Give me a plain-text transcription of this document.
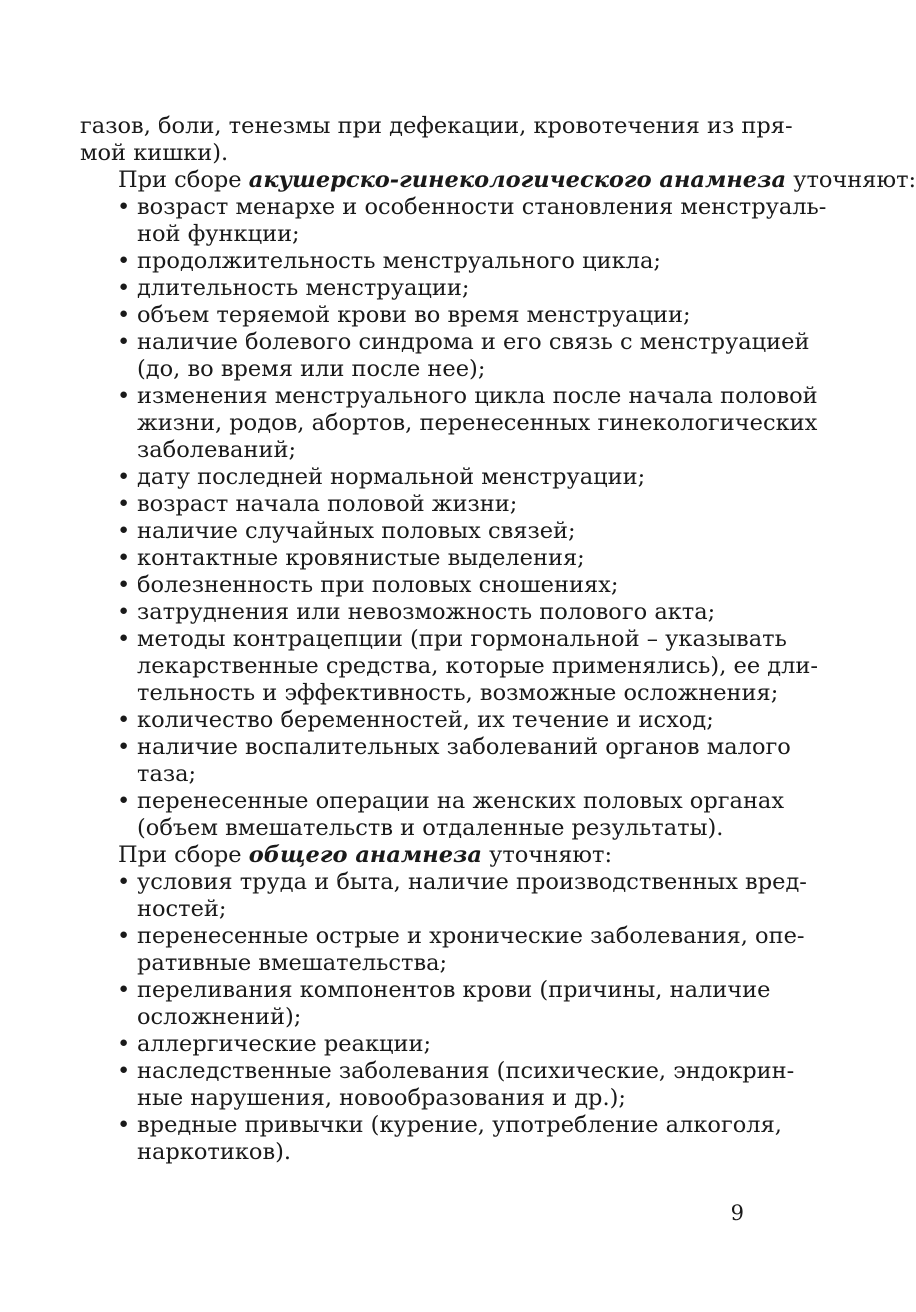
газов, боли, тенезмы при дефекации, кровотечения из пря-
мой кишки).
При сборе акушерско-гинекологического анамнеза уточняют:
• возраст менархе и особенности становления менструаль-
ной функции;
• продолжительность менструального цикла;
• длительность менструации;
• объем теряемой крови во время менструации;
• наличие болевого синдрома и его связь с менструацией
(до, во время или после нее);
• изменения менструального цикла после начала половой
жизни, родов, абортов, перенесенных гинекологических
заболеваний;
• дату последней нормальной менструации;
• возраст начала половой жизни;
• наличие случайных половых связей;
• контактные кровянистые выделения;
• болезненность при половых сношениях;
• затруднения или невозможность полового акта;
• методы контрацепции (при гормональной – указывать
лекарственные средства, которые применялись), ее дли-
тельность и эффективность, возможные осложнения;
• количество беременностей, их течение и исход;
• наличие воспалительных заболеваний органов малого
таза;
• перенесенные операции на женских половых органах
(объем вмешательств и отдаленные результаты).
При сборе общего анамнеза уточняют:
• условия труда и быта, наличие производственных вред-
ностей;
• перенесенные острые и хронические заболевания, опе-
ративные вмешательства;
• переливания компонентов крови (причины, наличие
осложнений);
• аллергические реакции;
• наследственные заболевания (психические, эндокрин-
ные нарушения, новообразования и др.);
• вредные привычки (курение, употребление алкоголя,
наркотиков).
9
